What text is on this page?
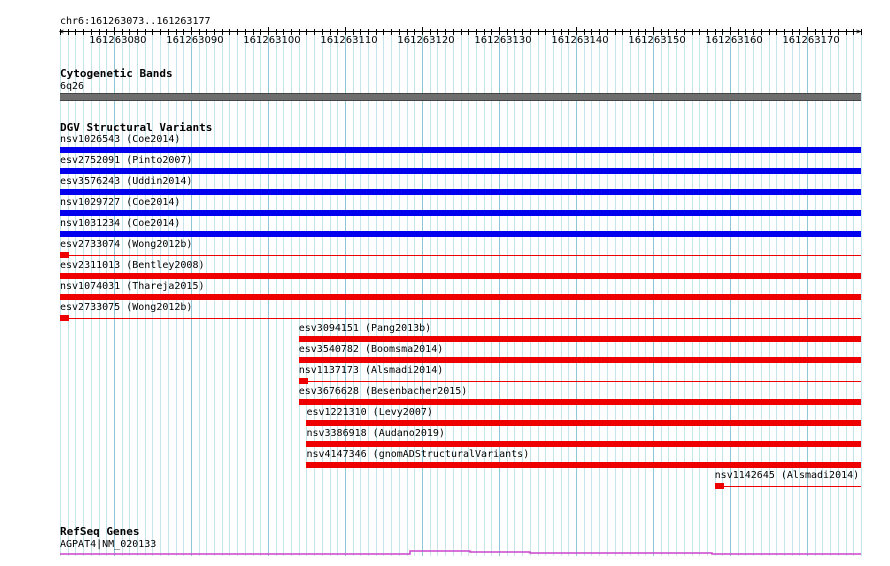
chr6:161263073..161263177
<	>
161263080 161263090 161263100 161263110 161263120 161263130 161263140 161263150 161263160 161263170
Cytogenetic Bands
6q26
DGV Structural Variants
nsv1026543 (Coe2014)
esv2752091 (Pinto2007)
esv3576243 (Uddin2014)
nsv1029727 (Coe2014)
nsv1031234 (Coe2014)
esv2733074 (Wong2012b)
esv2311013 (Bentley2008)
nsv1074031 (Thareja2015)
esv2733075 (Wong2012b)
esv3094151 (Pang2013b)
esv3540782 (Boomsma2014)
nsv1137173 (Alsmadi2014)
esv3676628 (Besenbacher2015)
esv1221310 (Levy2007)
nsv3386918 (Audano2019)
nsv4147346 (gnomADStructuralVariants)
nsv1142645 (Alsmadi2014)
RefSeq Genes
AGPAT4|NM_020133
